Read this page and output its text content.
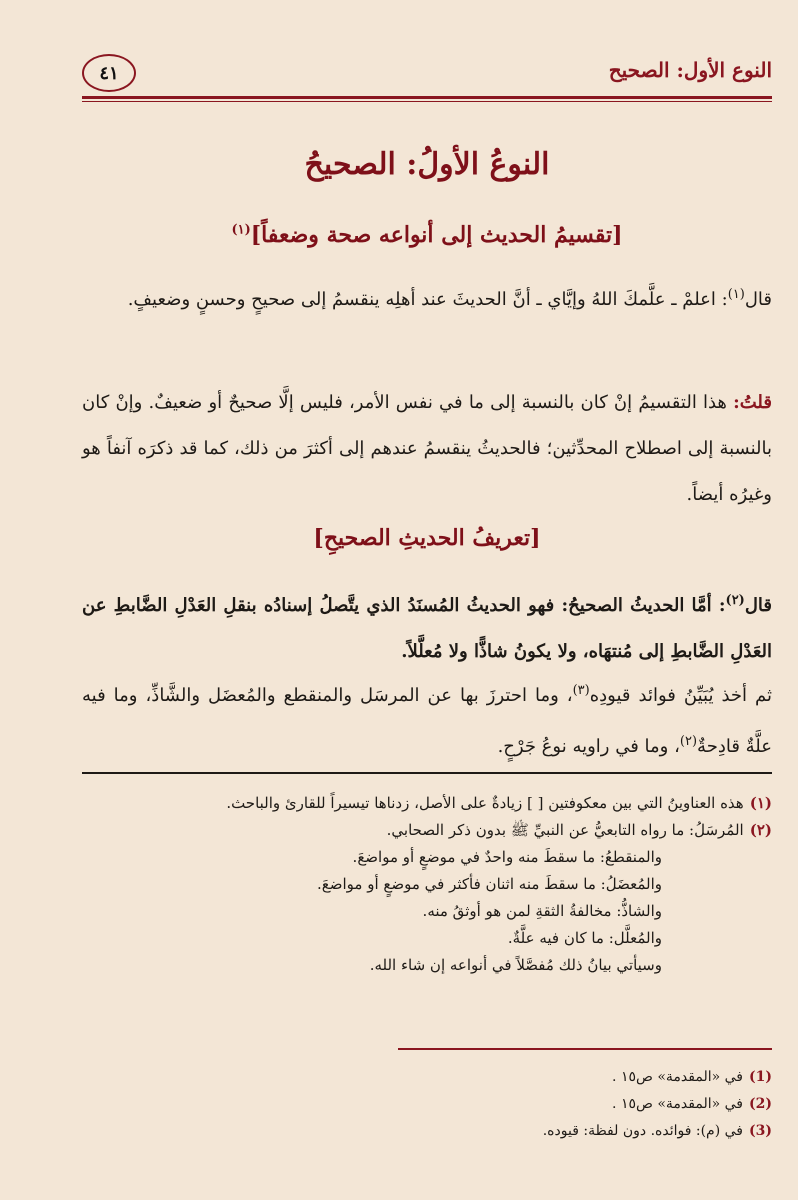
النوع الأول: الصحيح
٤١
النوعُ الأولُ: الصحيحُ
[تقسيمُ الحديث إلى أنواعه صحة وضعفاً]$^{(١)}$
قال$^{(١)}$: اعلمْ ـ علَّمكَ اللهُ وإيَّاي ـ أنَّ الحديثَ عند أهلِه ينقسمُ إلى صحيحٍ وحسنٍ وضعيفٍ.
قلتُ: هذا التقسيمُ إنْ كان بالنسبة إلى ما في نفس الأمر، فليس إلَّا صحيحٌ أو ضعيفٌ. وإنْ كان بالنسبة إلى اصطلاح المحدِّثين؛ فالحديثُ ينقسمُ عندهم إلى أكثرَ من ذلك، كما قد ذكرَه آنفاً هو وغيرُه أيضاً.
[تعريفُ الحديثِ الصحيحِ]
قال$^{(٢)}$: أمَّا الحديثُ الصحيحُ: فهو الحديثُ المُسنَدُ الذي يتَّصلُ إسنادُه بنقلِ العَدْلِ الضَّابطِ عن العَدْلِ الضَّابطِ إلى مُنتهَاه، ولا يكونُ شاذًّا ولا مُعلَّلاً.
ثم أخذ يُبَيِّنُ فوائد قيودِه$^{(٣)}$، وما احترزَ بها عن المرسَل والمنقطع والمُعضَل والشَّاذِّ، وما فيه علَّةٌ قادِحةٌ$^{(٢)}$، وما في راويه نوعُ جَرْحٍ.

(١)هذه العناوينُ التي بين معكوفتين [ ] زيادةٌ على الأصل، زدناها تيسيراً للقارئ والباحث.

(٢)المُرسَلُ: ما رواه التابعيُّ عن النبيِّ ﷺ بدون ذكر الصحابي.

والمنقطعُ: ما سقطَ منه واحدٌ في موضعٍ أو مواضعَ.

والمُعضَلُ: ما سقطَ منه اثنان فأكثر في موضعٍ أو مواضعَ.

والشاذُّ: مخالفةُ الثقةِ لمن هو أوثقُ منه.

والمُعلَّل: ما كان فيه علَّةٌ.

وسيأتي بيانُ ذلك مُفصَّلاً في أنواعه إن شاء الله.

(1)في «المقدمة» ص١٥ .

(2)في «المقدمة» ص١٥ .

(3)في (م): فوائده. دون لفظة: قيوده.
